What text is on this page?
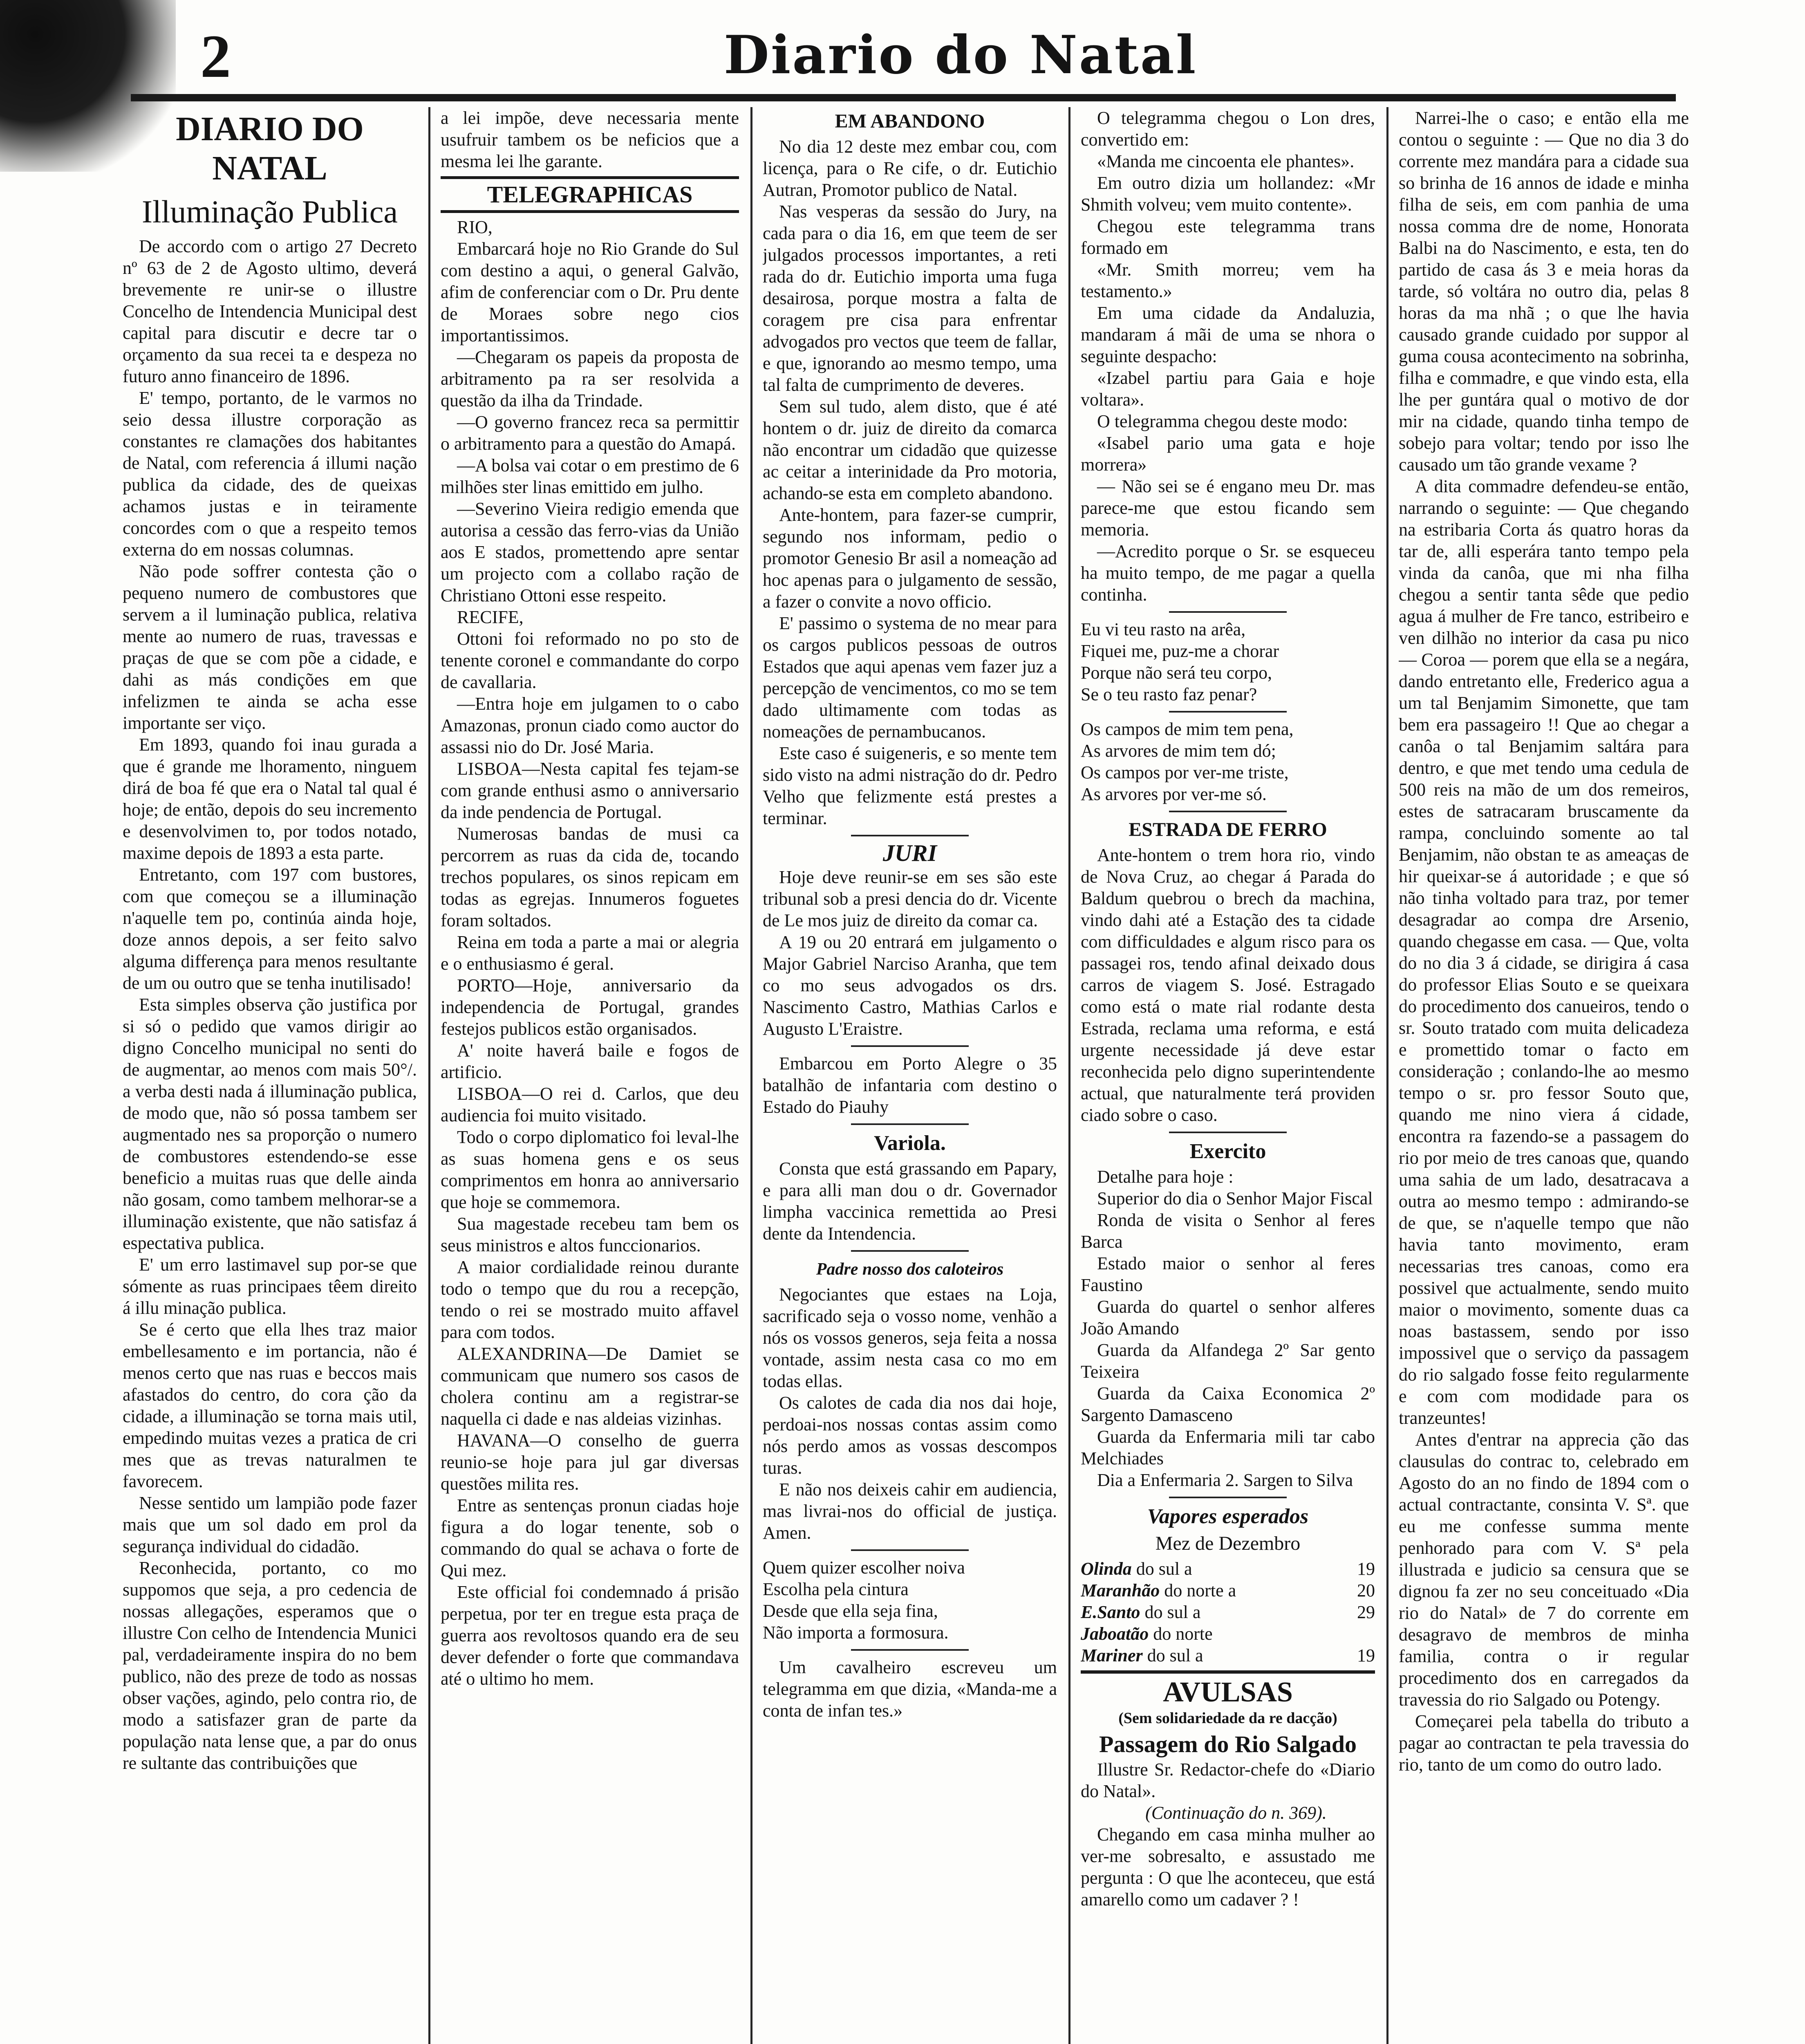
2	Diario do Natal
DIARIO DO NATAL
Illuminação Publica

De accordo com o artigo 27 Decreto nº 63 de 2 de Agosto ultimo, deverá brevemente re unir-se o illustre Concelho de Intendencia Municipal dest capital para discutir e decre tar o orçamento da sua recei ta e despeza no futuro anno financeiro de 1896.

E' tempo, portanto, de le varmos no seio dessa illustre corporação as constantes re clamações dos habitantes de Natal, com referencia á illumi nação publica da cidade, des de queixas achamos justas e in teiramente concordes com o que a respeito temos externa do em nossas columnas.

Não pode soffrer contesta ção o pequeno numero de combustores que servem a il luminação publica, relativa mente ao numero de ruas, travessas e praças de que se com põe a cidade, e dahi as más condições em que infelizmen te ainda se acha esse importante ser viço.

Em 1893, quando foi inau gurada a que é grande me lhoramento, ninguem dirá de boa fé que era o Natal tal qual é hoje; de então, depois do seu incremento e desenvolvimen to, por todos notado, maxime depois de 1893 a esta parte.

Entretanto, com 197 com bustores, com que começou se a illuminação n'aquelle tem po, continúa ainda hoje, doze annos depois, a ser feito salvo alguma differença para menos resultante de um ou outro que se tenha inutilisado!

Esta simples observa ção justifica por si só o pedido que vamos dirigir ao digno Concelho municipal no senti do de augmentar, ao menos com mais 50°/. a verba desti nada á illuminação publica, de modo que, não só possa tambem ser augmentado nes sa proporção o numero de combustores estendendo-se esse beneficio a muitas ruas que delle ainda não gosam, como tambem melhorar-se a illuminação existente, que não satisfaz á espectativa publica.

E' um erro lastimavel sup por-se que sómente as ruas principaes têem direito á illu minação publica.

Se é certo que ella lhes traz maior embellesamento e im portancia, não é menos certo que nas ruas e beccos mais afastados do centro, do cora ção da cidade, a illuminação se torna mais util, empedindo muitas vezes a pratica de cri mes que as trevas naturalmen te favorecem.

Nesse sentido um lampião pode fazer mais que um sol dado em prol da segurança individual do cidadão.

Reconhecida, portanto, co mo suppomos que seja, a pro cedencia de nossas allegações, esperamos que o illustre Con celho de Intendencia Munici pal, verdadeiramente inspira do no bem publico, não des preze de todo as nossas obser vações, agindo, pelo contra rio, de modo a satisfazer gran de parte da população nata lense que, a par do onus re sultante das contribuições que

a lei impõe, deve necessaria mente usufruir tambem os be neficios que a mesma lei lhe garante.

TELEGRAPHICAS

RIO,

Embarcará hoje no Rio Grande do Sul com destino a aqui, o general Galvão, afim de conferenciar com o Dr. Pru dente de Moraes sobre nego cios importantissimos.

—Chegaram os papeis da proposta de arbitramento pa ra ser resolvida a questão da ilha da Trindade.

—O governo francez reca sa permittir o arbitramento para a questão do Amapá.

—A bolsa vai cotar o em prestimo de 6 milhões ster linas emittido em julho.

—Severino Vieira redigio emenda que autorisa a cessão das ferro-vias da União aos E stados, promettendo apre sentar um projecto com a collabo ração de Christiano Ottoni esse respeito.

RECIFE,

Ottoni foi reformado no po sto de tenente coronel e commandante do corpo de cavallaria.

—Entra hoje em julgamen to o cabo Amazonas, pronun ciado como auctor do assassi nio do Dr. José Maria.

LISBOA—Nesta capital fes tejam-se com grande enthusi asmo o anniversario da inde pendencia de Portugal.

Numerosas bandas de musi ca percorrem as ruas da cida de, tocando trechos populares, os sinos repicam em todas as egrejas. Innumeros foguetes foram soltados.

Reina em toda a parte a mai or alegria e o enthusiasmo é geral.

PORTO—Hoje, anniversario da independencia de Portugal, grandes festejos publicos estão organisados.

A' noite haverá baile e fogos de artificio.

LISBOA—O rei d. Carlos, que deu audiencia foi muito visitado.

Todo o corpo diplomatico foi leval-lhe as suas homena gens e os seus comprimentos em honra ao anniversario que hoje se commemora.

Sua magestade recebeu tam bem os seus ministros e altos funccionarios.

A maior cordialidade reinou durante todo o tempo que du rou a recepção, tendo o rei se mostrado muito affavel para com todos.

ALEXANDRINA—De Damiet se communicam que numero sos casos de cholera continu am a registrar-se naquella ci dade e nas aldeias vizinhas.

HAVANA—O conselho de guerra reunio-se hoje para jul gar diversas questões milita res.

Entre as sentenças pronun ciadas hoje figura a do logar tenente, sob o commando do qual se achava o forte de Qui mez.

Este official foi condemnado á prisão perpetua, por ter en tregue esta praça de guerra aos revoltosos quando era de seu dever defender o forte que commandava até o ultimo ho mem.

EM ABANDONO

No dia 12 deste mez embar cou, com licença, para o Re cife, o dr. Eutichio Autran, Promotor publico de Natal.

Nas vesperas da sessão do Jury, na cada para o dia 16, em que teem de ser julgados processos importantes, a reti rada do dr. Eutichio importa uma fuga desairosa, porque mostra a falta de coragem pre cisa para enfrentar advogados pro vectos que teem de fallar, e que, ignorando ao mesmo tempo, uma tal falta de cumprimento de deveres.

Sem sul tudo, alem disto, que é até hontem o dr. juiz de direito da comarca não encontrar um cidadão que quizesse ac ceitar a interinidade da Pro motoria, achando-se esta em completo abandono.

Ante-hontem, para fazer-se cumprir, segundo nos informam, pedio o promotor Genesio Br asil a nomeação ad hoc apenas para o julgamento de sessão, a fazer o convite a novo officio.

E' passimo o systema de no mear para os cargos publicos pessoas de outros Estados que aqui apenas vem fazer juz a percepção de vencimentos, co mo se tem dado ultimamente com todas as nomeações de pernambucanos.

Este caso é suigeneris, e so mente tem sido visto na admi nistração do dr. Pedro Velho que felizmente está prestes a terminar.

JURI

Hoje deve reunir-se em ses são este tribunal sob a presi dencia do dr. Vicente de Le mos juiz de direito da comar ca.

A 19 ou 20 entrará em julgamento o Major Gabriel Narciso Aranha, que tem co mo seus advogados os drs. Nascimento Castro, Mathias Carlos e Augusto L'Eraistre.

Embarcou em Porto Alegre o 35 batalhão de infantaria com destino o Estado do Piauhy

Variola.

Consta que está grassando em Papary, e para alli man dou o dr. Governador limpha vaccinica remettida ao Presi dente da Intendencia.

Padre nosso dos caloteiros

Negociantes que estaes na Loja, sacrificado seja o vosso nome, venhão a nós os vossos generos, seja feita a nossa vontade, assim nesta casa co mo em todas ellas.

Os calotes de cada dia nos dai hoje, perdoai-nos nossas contas assim como nós perdo amos as vossas descompos turas.

E não nos deixeis cahir em audiencia, mas livrai-nos do official de justiça. Amen.

Quem quizer escolher noiva
Escolha pela cintura
Desde que ella seja fina,
Não importa a formosura.

Um cavalheiro escreveu um telegramma em que dizia, «Manda-me a conta de infan tes.»

O telegramma chegou o Lon dres, convertido em:

«Manda me cincoenta ele phantes».

Em outro dizia um hollandez: «Mr Shmith volveu; vem muito contente».

Chegou este telegramma trans formado em

«Mr. Smith morreu; vem ha testamento.»

Em uma cidade da Andaluzia, mandaram á mãi de uma se nhora o seguinte despacho:

«Izabel partiu para Gaia e hoje voltara».

O telegramma chegou deste modo:

«Isabel pario uma gata e hoje morrera»

— Não sei se é engano meu Dr. mas parece-me que estou ficando sem memoria.

—Acredito porque o Sr. se esqueceu ha muito tempo, de me pagar a quella continha.

Eu vi teu rasto na arêa,
Fiquei me, puz-me a chorar
Porque não será teu corpo,
Se o teu rasto faz penar?
Os campos de mim tem pena,
As arvores de mim tem dó;
Os campos por ver-me triste,
As arvores por ver-me só.
ESTRADA DE FERRO

Ante-hontem o trem hora rio, vindo de Nova Cruz, ao chegar á Parada do Baldum quebrou o brech da machina, vindo dahi até a Estação des ta cidade com difficuldades e algum risco para os passagei ros, tendo afinal deixado dous carros de viagem S. José. Estragado como está o mate rial rodante desta Estrada, reclama uma reforma, e está urgente necessidade já deve estar reconhecida pelo digno superintendente actual, que naturalmente terá providen ciado sobre o caso.

Exercito

Detalhe para hoje :

Superior do dia o Senhor Major Fiscal

Ronda de visita o Senhor al feres Barca

Estado maior o senhor al feres Faustino

Guarda do quartel o senhor alferes João Amando

Guarda da Alfandega 2º Sar gento Teixeira

Guarda da Caixa Economica 2º Sargento Damasceno

Guarda da Enfermaria mili tar cabo Melchiades

Dia a Enfermaria 2. Sargen to Silva

Vapores esperados
Mez de Dezembro
Olinda do sul a	19
Maranhão do norte a	20
E.Santo do sul a	29
Jaboatão do norte
Mariner do sul a	19
AVULSAS
(Sem solidariedade da re dacção)
Passagem do Rio Salgado

Illustre Sr. Redactor-chefe do «Diario do Natal».

(Continuação do n. 369).

Chegando em casa minha mulher ao ver-me sobresalto, e assustado me pergunta : O que lhe aconteceu, que está amarello como um cadaver ? !

Narrei-lhe o caso; e então ella me contou o seguinte : — Que no dia 3 do corrente mez mandára para a cidade sua so brinha de 16 annos de idade e minha filha de seis, em com panhia de uma nossa comma dre de nome, Honorata Balbi na do Nascimento, e esta, ten do partido de casa ás 3 e meia horas da tarde, só voltára no outro dia, pelas 8 horas da ma nhã ; o que lhe havia causado grande cuidado por suppor al guma cousa acontecimento na sobrinha, filha e commadre, e que vindo esta, ella lhe per guntára qual o motivo de dor mir na cidade, quando tinha tempo de sobejo para voltar; tendo por isso lhe causado um tão grande vexame ?

A dita commadre defendeu-se então, narrando o seguinte: — Que chegando na estribaria Corta ás quatro horas da tar de, alli esperára tanto tempo pela vinda da canôa, que mi nha filha chegou a sentir tanta sêde que pedio agua á mulher de Fre tanco, estribeiro e ven dilhão no interior da casa pu nico — Coroa — porem que ella se a negára, dando entretanto elle, Frederico agua a um tal Benjamim Simonette, que tam bem era passageiro !! Que ao chegar a canôa o tal Benjamim saltára para dentro, e que met tendo uma cedula de 500 reis na mão de um dos remeiros, estes de satracaram bruscamente da rampa, concluindo somente ao tal Benjamim, não obstan te as ameaças de hir queixar-se á autoridade ; e que só não tinha voltado para traz, por temer desagradar ao compa dre Arsenio, quando chegasse em casa. — Que, volta do no dia 3 á cidade, se dirigira á casa do professor Elias Souto e se queixara do procedimento dos canueiros, tendo o sr. Souto tratado com muita delicadeza e promettido tomar o facto em consideração ; conlando-lhe ao mesmo tempo o sr. pro fessor Souto que, quando me nino viera á cidade, encontra ra fazendo-se a passagem do rio por meio de tres canoas que, quando uma sahia de um lado, desatracava a outra ao mesmo tempo : admirando-se de que, se n'aquelle tempo que não havia tanto movimento, eram necessarias tres canoas, como era possivel que actualmente, sendo muito maior o movimento, somente duas ca noas bastassem, sendo por isso impossivel que o serviço da passagem do rio salgado fosse feito regularmente e com com modidade para os tranzeuntes!

Antes d'entrar na apprecia ção das clausulas do contrac to, celebrado em Agosto do an no findo de 1894 com o actual contractante, consinta V. Sª. que eu me confesse summa mente penhorado para com V. Sª pela illustrada e judicio sa censura que se dignou fa zer no seu conceituado «Dia rio do Natal» de 7 do corrente em desagravo de membros de minha familia, contra o ir regular procedimento dos en carregados da travessia do rio Salgado ou Potengy.

Começarei pela tabella do tributo a pagar ao contractan te pela travessia do rio, tanto de um como do outro lado.
